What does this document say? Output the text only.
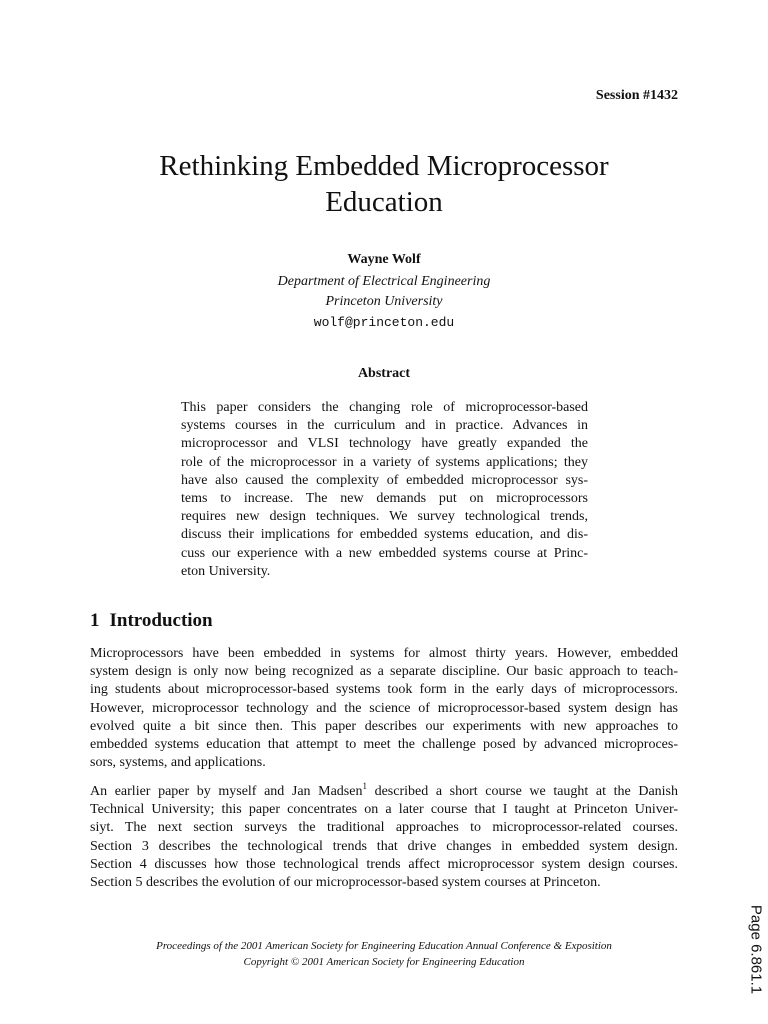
Session #1432
Rethinking Embedded Microprocessor
Education
Wayne Wolf
Department of Electrical Engineering
Princeton University
wolf@princeton.edu
Abstract
This paper considers the changing role of microprocessor-based
systems courses in the curriculum and in practice. Advances in
microprocessor and VLSI technology have greatly expanded the
role of the microprocessor in a variety of systems applications; they
have also caused the complexity of embedded microprocessor sys-
tems to increase. The new demands put on microprocessors
requires new design techniques. We survey technological trends,
discuss their implications for embedded systems education, and dis-
cuss our experience with a new embedded systems course at Princ-
eton University.
1 Introduction
Microprocessors have been embedded in systems for almost thirty years. However, embedded
system design is only now being recognized as a separate discipline. Our basic approach to teach-
ing students about microprocessor-based systems took form in the early days of microprocessors.
However, microprocessor technology and the science of microprocessor-based system design has
evolved quite a bit since then. This paper describes our experiments with new approaches to
embedded systems education that attempt to meet the challenge posed by advanced microproces-
sors, systems, and applications.
An earlier paper by myself and Jan Madsen$^1$ described a short course we taught at the Danish
Technical University; this paper concentrates on a later course that I taught at Princeton Univer-
siyt. The next section surveys the traditional approaches to microprocessor-related courses.
Section 3 describes the technological trends that drive changes in embedded system design.
Section 4 discusses how those technological trends affect microprocessor system design courses.
Section 5 describes the evolution of our microprocessor-based system courses at Princeton.
Proceedings of the 2001 American Society for Engineering Education Annual Conference & Exposition
Copyright © 2001 American Society for Engineering Education	Page 6.861.1
